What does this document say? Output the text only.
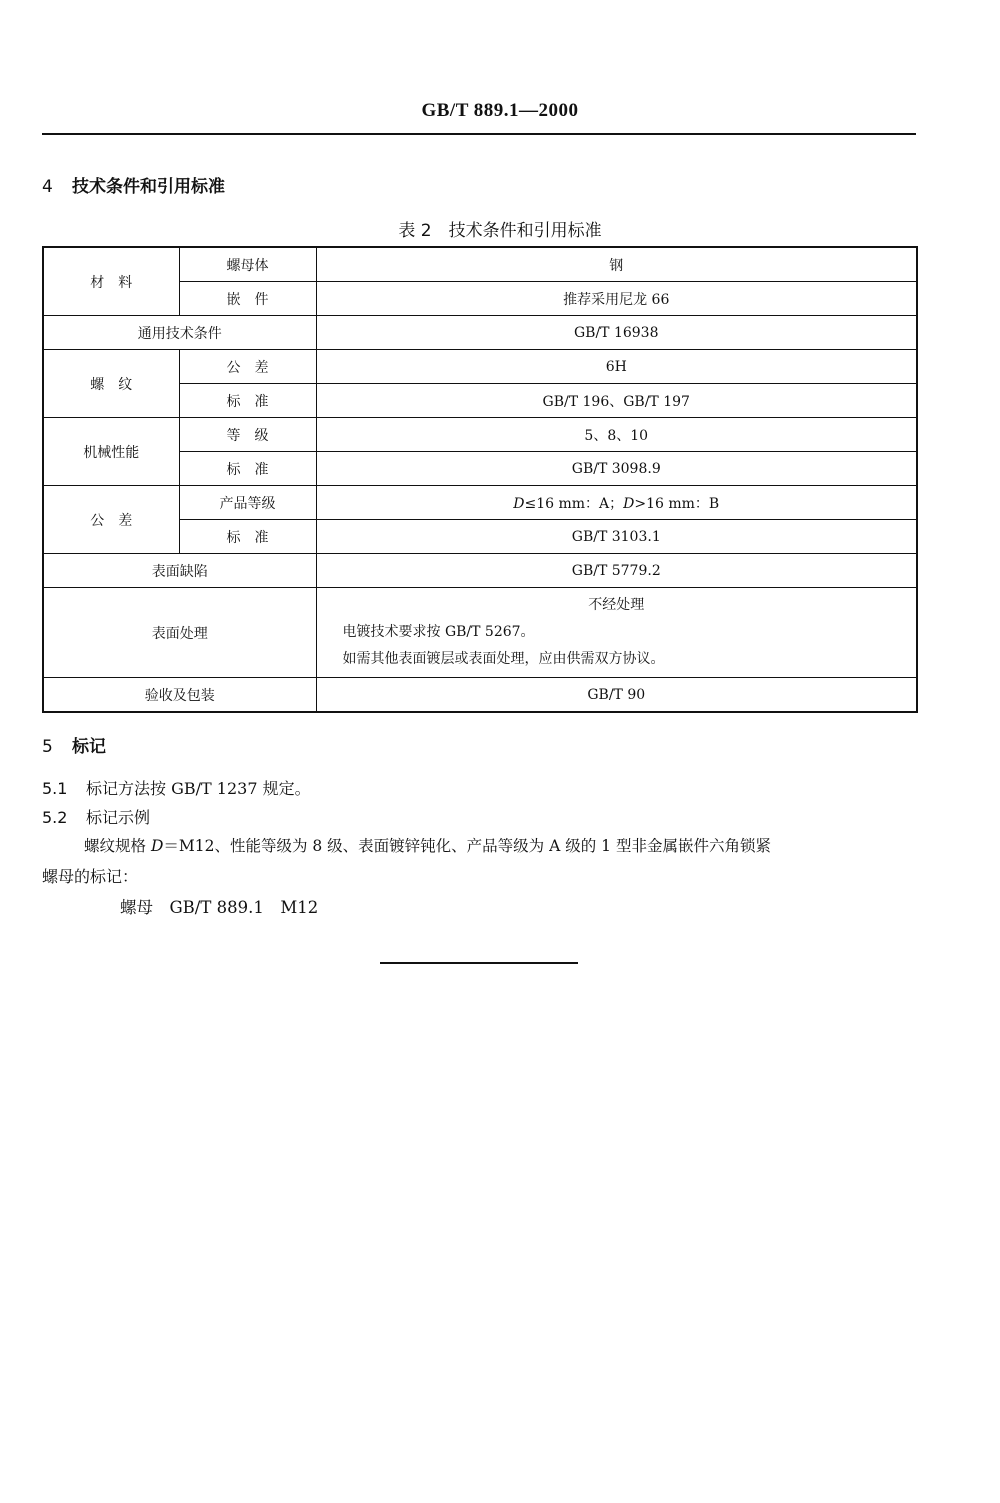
GB/T 889.1—2000
4 技术条件和引用标准
表 2　技术条件和引用标准
材　料	螺母体	钢
	嵌　件	推荐采用尼龙 66
通用技术条件		GB/T 16938
螺　纹	公　差	6H
	标　准	GB/T 196、GB/T 197
机械性能	等　级	5、8、10
	标　准	GB/T 3098.9
公　差	产品等级	D≤16 mm：A；D>16 mm：B
	标　准	GB/T 3103.1
表面缺陷		GB/T 5779.2
表面处理		不经处理
电镀技术要求按 GB/T 5267。
如需其他表面镀层或表面处理，应由供需双方协议。

验收及包装		GB/T 90
5 标记
5.1 标记方法按 GB/T 1237 规定。
5.2 标记示例
螺纹规格 D＝M12、性能等级为 8 级、表面镀锌钝化、产品等级为 A 级的 1 型非金属嵌件六角锁紧
螺母的标记：
螺母　GB/T 889.1　M12
